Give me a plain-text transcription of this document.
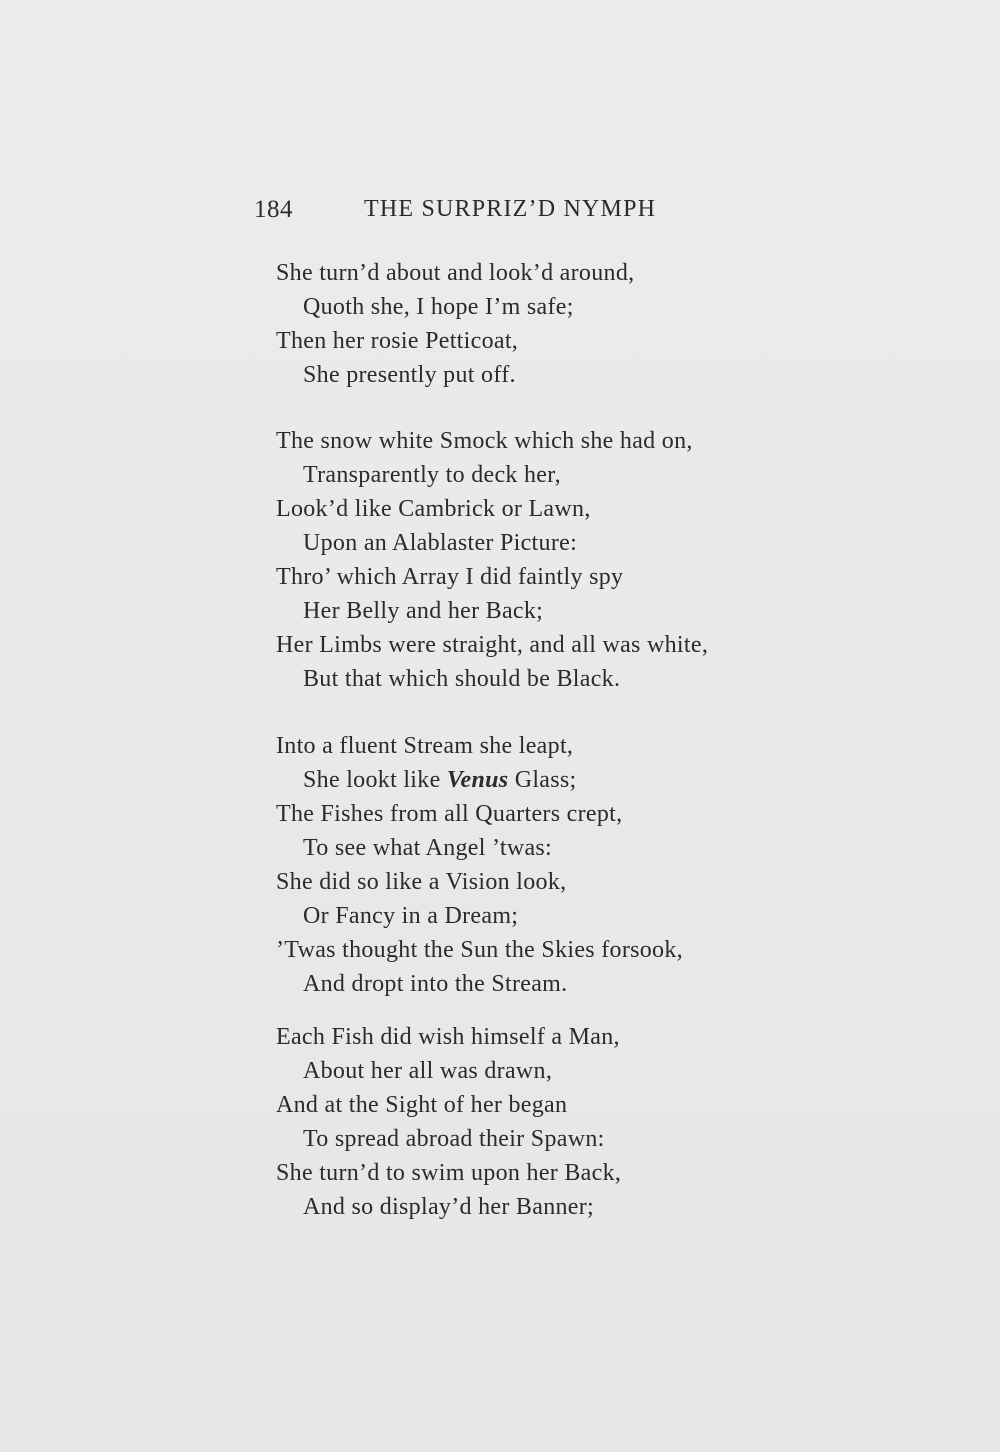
184	THE SURPRIZ’D NYMPH
She turn’d about and look’d around,
Quoth she, I hope I’m safe;
Then her rosie Petticoat,
She presently put off.
The snow white Smock which she had on,
Transparently to deck her,
Look’d like Cambrick or Lawn,
Upon an Alablaster Picture:
Thro’ which Array I did faintly spy
Her Belly and her Back;
Her Limbs were straight, and all was white,
But that which should be Black.
Into a fluent Stream she leapt,
She lookt like Venus Glass;
The Fishes from all Quarters crept,
To see what Angel ’twas:
She did so like a Vision look,
Or Fancy in a Dream;
’Twas thought the Sun the Skies forsook,
And dropt into the Stream.
Each Fish did wish himself a Man,
About her all was drawn,
And at the Sight of her began
To spread abroad their Spawn:
She turn’d to swim upon her Back,
And so display’d her Banner;
